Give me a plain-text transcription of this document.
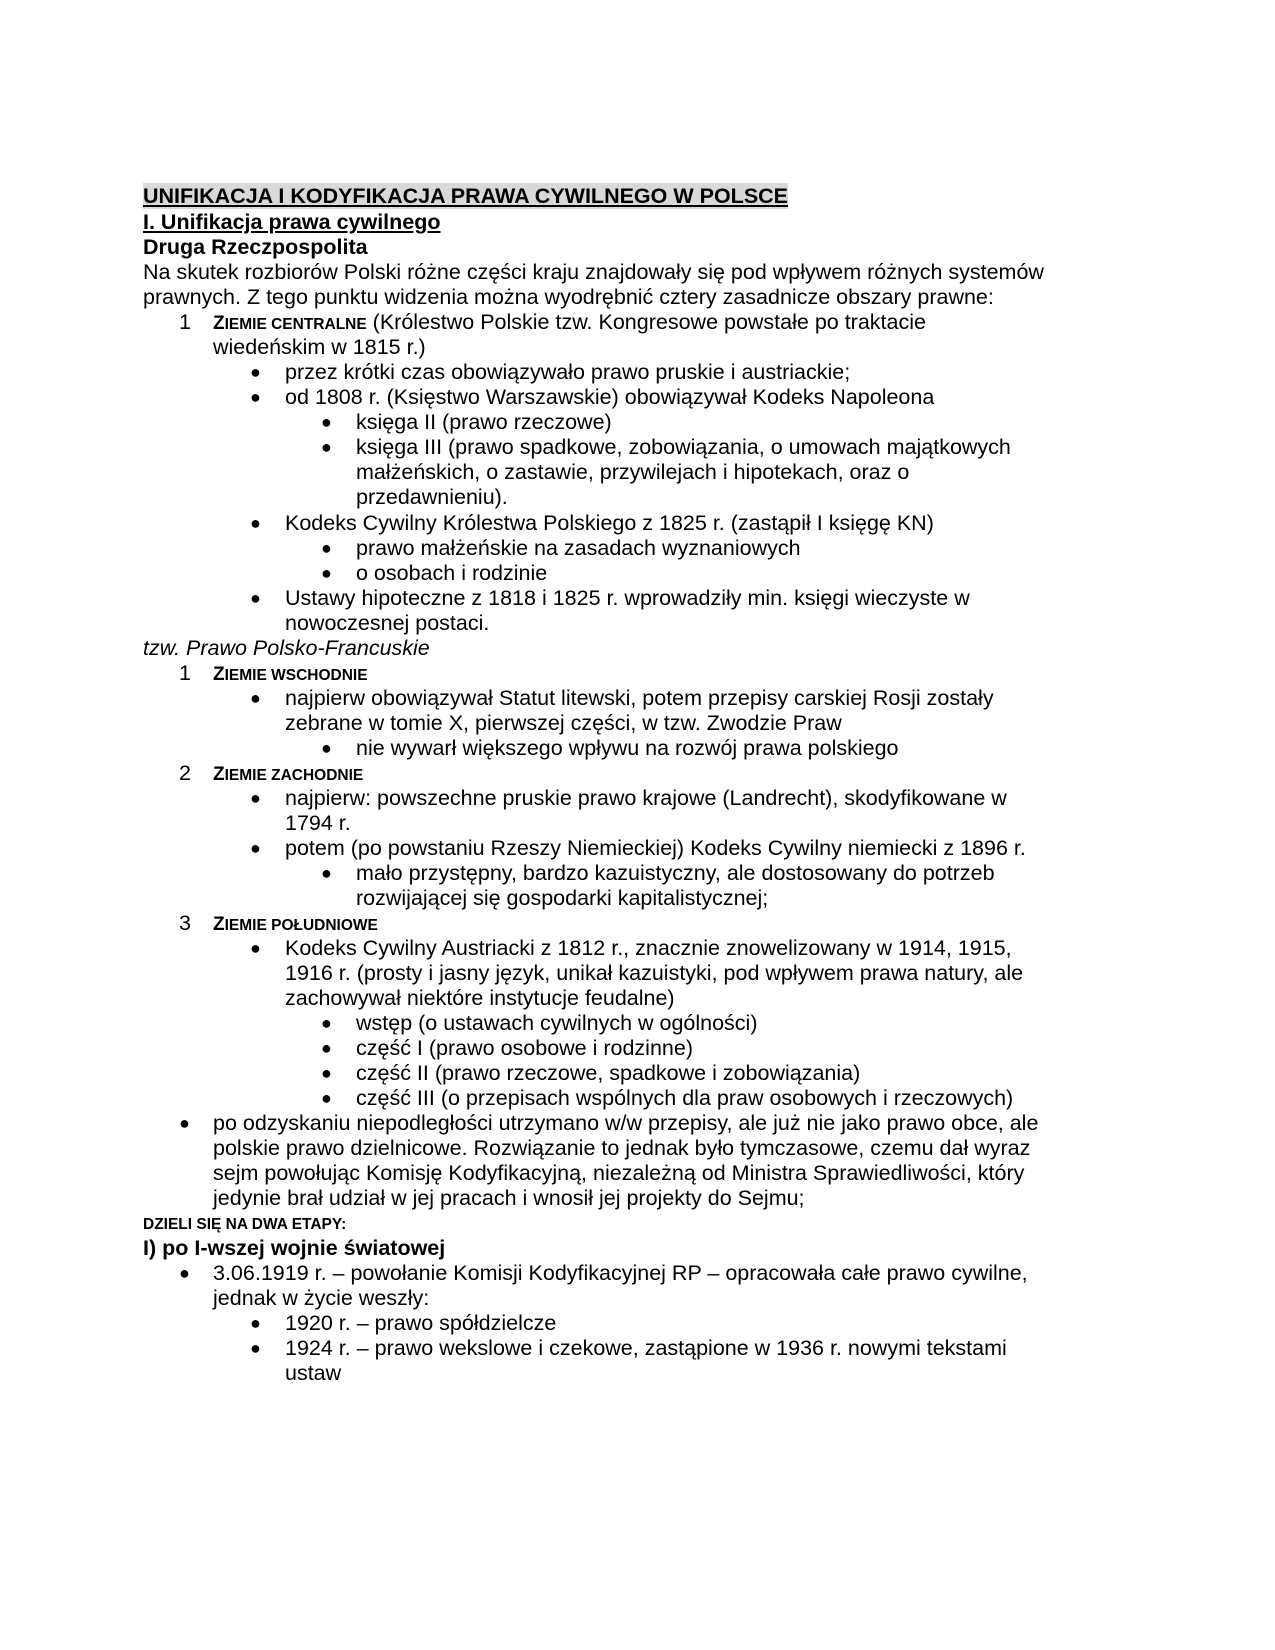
UNIFIKACJA I KODYFIKACJA PRAWA CYWILNEGO W POLSCE
I. Unifikacja prawa cywilnego
Druga Rzeczpospolita
Na skutek rozbiorów Polski różne części kraju znajdowały się pod wpływem różnych systemów
prawnych. Z tego punktu widzenia można wyodrębnić cztery zasadnicze obszary prawne:
1 ZIEMIE CENTRALNE (Królestwo Polskie tzw. Kongresowe powstałe po traktacie
wiedeńskim w 1815 r.)
● przez krótki czas obowiązywało prawo pruskie i austriackie;
● od 1808 r. (Księstwo Warszawskie) obowiązywał Kodeks Napoleona
● księga II (prawo rzeczowe)
● księga III (prawo spadkowe, zobowiązania, o umowach majątkowych
małżeńskich, o zastawie, przywilejach i hipotekach, oraz o
przedawnieniu).
● Kodeks Cywilny Królestwa Polskiego z 1825 r. (zastąpił I księgę KN)
● prawo małżeńskie na zasadach wyznaniowych
● o osobach i rodzinie
● Ustawy hipoteczne z 1818 i 1825 r. wprowadziły min. księgi wieczyste w
nowoczesnej postaci.
tzw. Prawo Polsko-Francuskie
1 ZIEMIE WSCHODNIE
● najpierw obowiązywał Statut litewski, potem przepisy carskiej Rosji zostały
zebrane w tomie X, pierwszej części, w tzw. Zwodzie Praw
● nie wywarł większego wpływu na rozwój prawa polskiego
2 ZIEMIE ZACHODNIE
● najpierw: powszechne pruskie prawo krajowe (Landrecht), skodyfikowane w
1794 r.
● potem (po powstaniu Rzeszy Niemieckiej) Kodeks Cywilny niemiecki z 1896 r.
● mało przystępny, bardzo kazuistyczny, ale dostosowany do potrzeb
rozwijającej się gospodarki kapitalistycznej;
3 ZIEMIE POŁUDNIOWE
● Kodeks Cywilny Austriacki z 1812 r., znacznie znowelizowany w 1914, 1915,
1916 r. (prosty i jasny język, unikał kazuistyki, pod wpływem prawa natury, ale
zachowywał niektóre instytucje feudalne)
● wstęp (o ustawach cywilnych w ogólności)
● część I (prawo osobowe i rodzinne)
● część II (prawo rzeczowe, spadkowe i zobowiązania)
● część III (o przepisach wspólnych dla praw osobowych i rzeczowych)
● po odzyskaniu niepodległości utrzymano w/w przepisy, ale już nie jako prawo obce, ale
polskie prawo dzielnicowe. Rozwiązanie to jednak było tymczasowe, czemu dał wyraz
sejm powołując Komisję Kodyfikacyjną, niezależną od Ministra Sprawiedliwości, który
jedynie brał udział w jej pracach i wnosił jej projekty do Sejmu;
DZIELI SIĘ NA DWA ETAPY:
I) po I-wszej wojnie światowej
● 3.06.1919 r. – powołanie Komisji Kodyfikacyjnej RP – opracowała całe prawo cywilne,
jednak w życie weszły:
● 1920 r. – prawo spółdzielcze
● 1924 r. – prawo wekslowe i czekowe, zastąpione w 1936 r. nowymi tekstami
ustaw
